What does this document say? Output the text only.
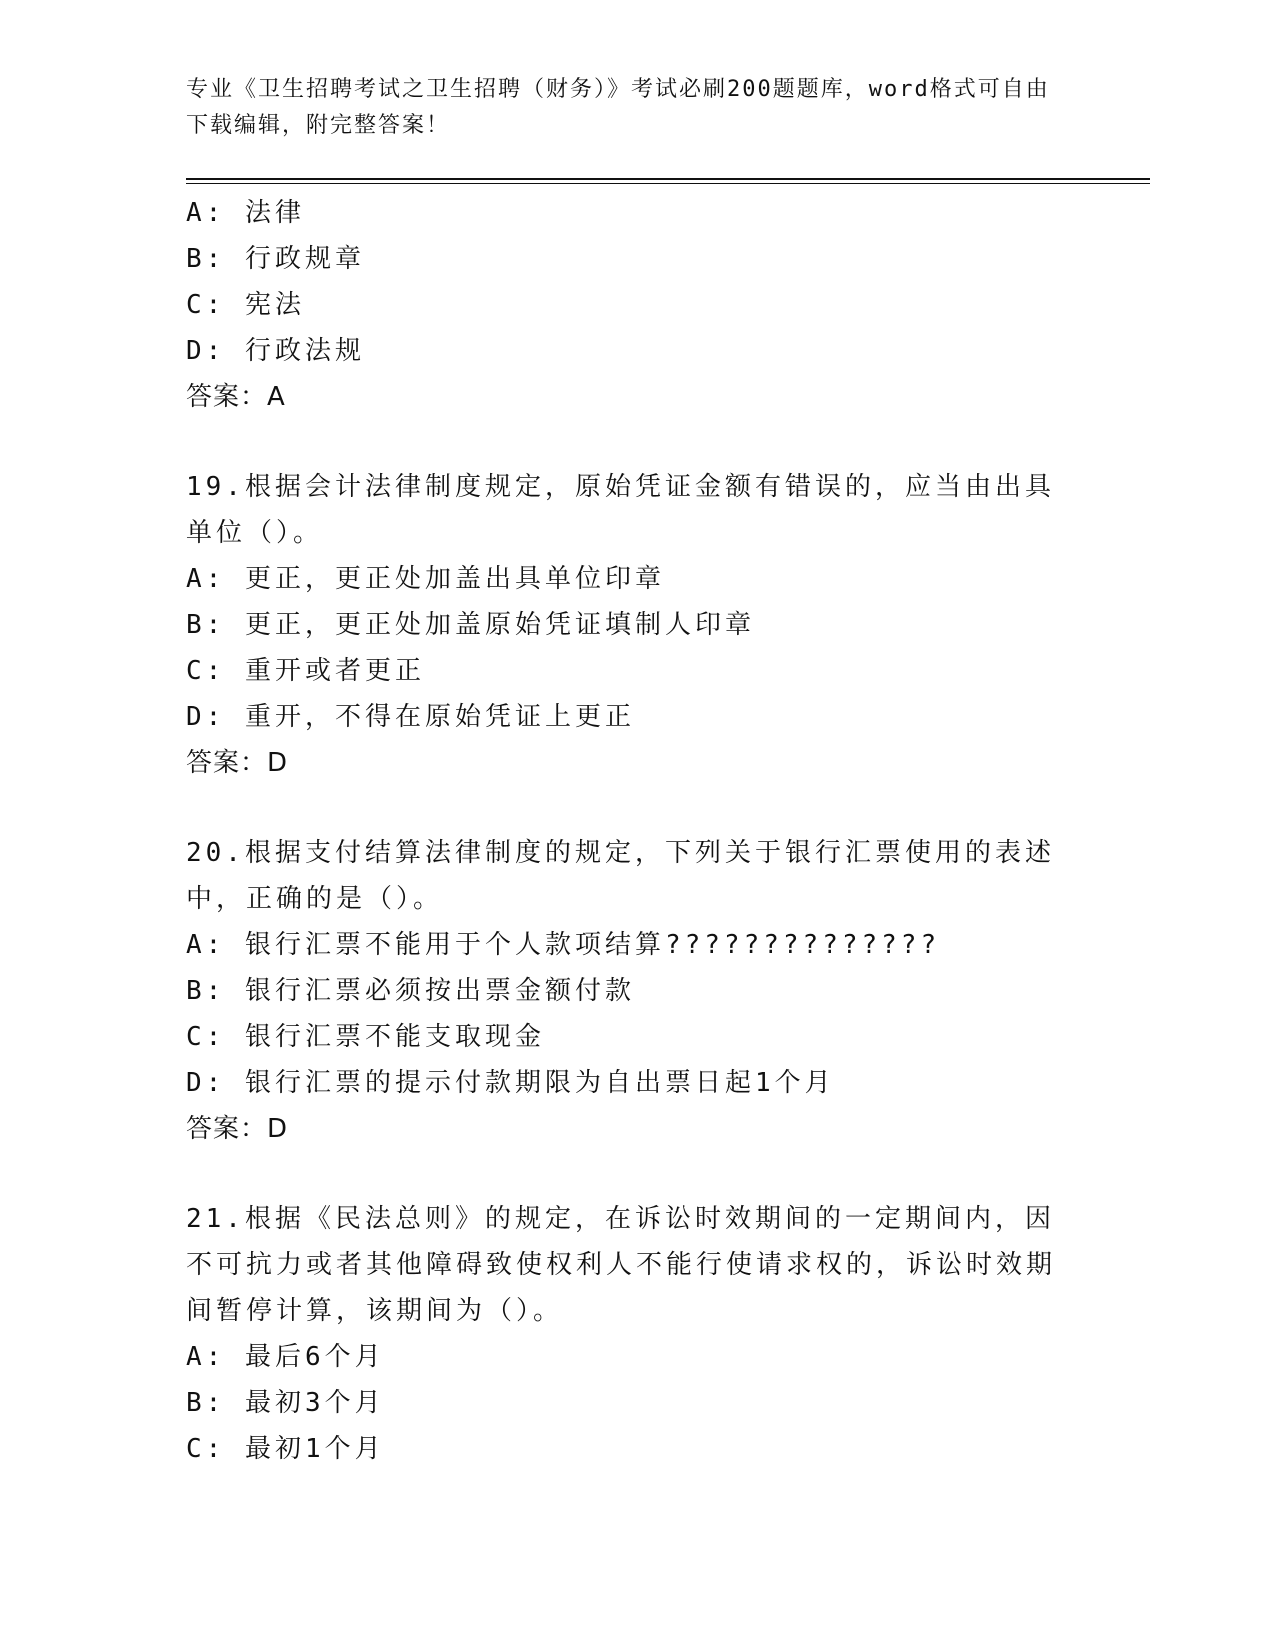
专业《卫生招聘考试之卫生招聘（财务）》考试必刷200题题库，word格式可自由下载编辑，附完整答案！
A: 法律
B: 行政规章
C: 宪法
D: 行政法规
答案：A
19.根据会计法律制度规定，原始凭证金额有错误的，应当由出具单位（）。
A: 更正，更正处加盖出具单位印章
B: 更正，更正处加盖原始凭证填制人印章
C: 重开或者更正
D: 重开，不得在原始凭证上更正
答案：D
20.根据支付结算法律制度的规定，下列关于银行汇票使用的表述中，正确的是（）。
A: 银行汇票不能用于个人款项结算??????????????
B: 银行汇票必须按出票金额付款
C: 银行汇票不能支取现金
D: 银行汇票的提示付款期限为自出票日起1个月
答案：D
21.根据《民法总则》的规定，在诉讼时效期间的一定期间内，因不可抗力或者其他障碍致使权利人不能行使请求权的，诉讼时效期间暂停计算，该期间为（）。
A: 最后6个月
B: 最初3个月
C: 最初1个月
